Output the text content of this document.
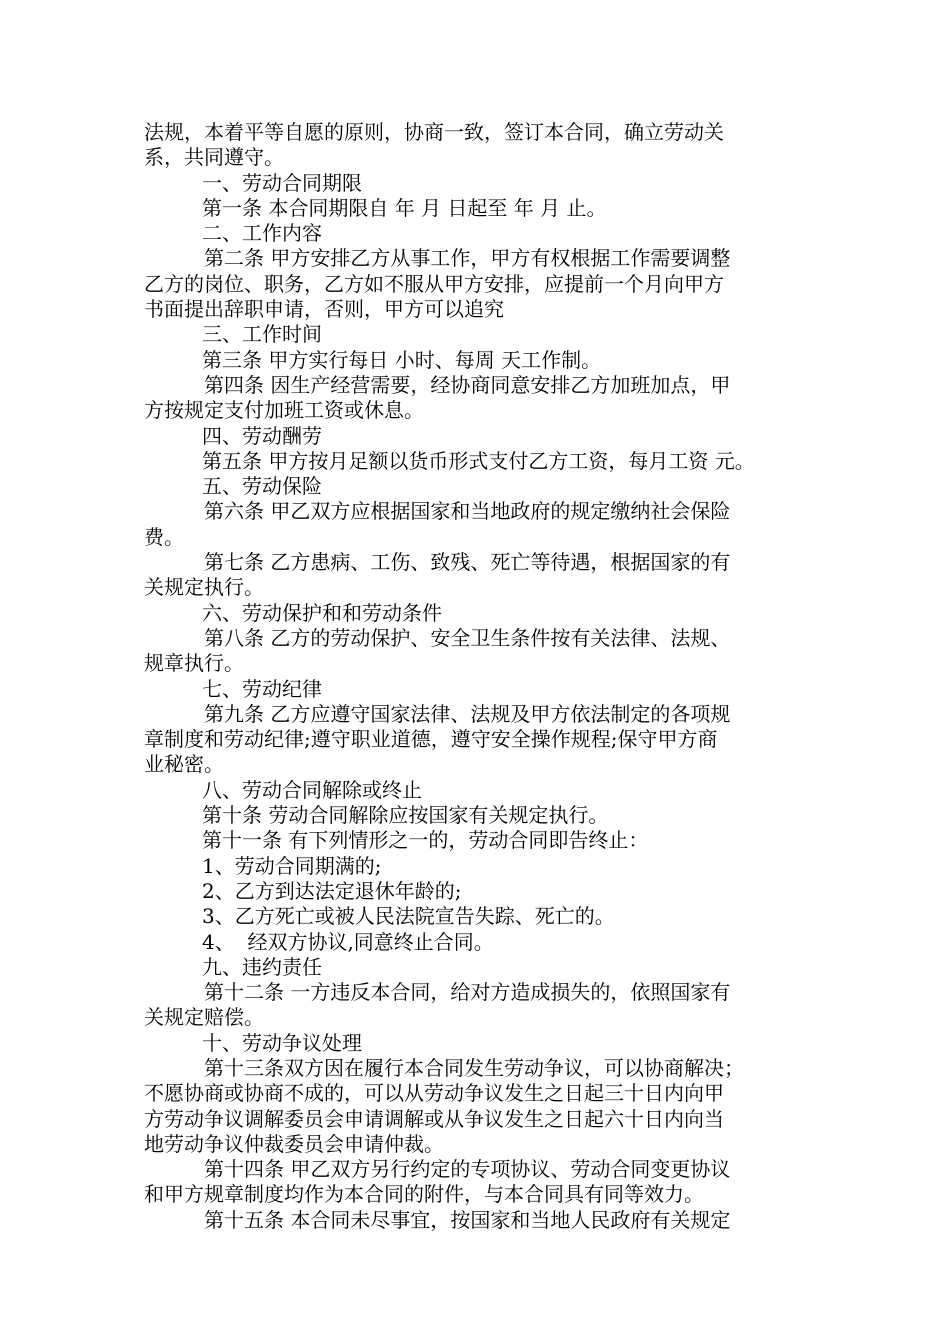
法规，本着平等自愿的原则，协商一致，签订本合同，确立劳动关
系，共同遵守。
一、劳动合同期限
第一条 本合同期限自 年 月 日起至 年 月 止。
二、工作内容
第二条 甲方安排乙方从事工作，甲方有权根据工作需要调整
乙方的岗位、职务，乙方如不服从甲方安排，应提前一个月向甲方
书面提出辞职申请，否则，甲方可以追究
三、工作时间
第三条 甲方实行每日 小时、每周 天工作制。
第四条 因生产经营需要，经协商同意安排乙方加班加点，甲
方按规定支付加班工资或休息。
四、劳动酬劳
第五条 甲方按月足额以货币形式支付乙方工资，每月工资 元。
五、劳动保险
第六条 甲乙双方应根据国家和当地政府的规定缴纳社会保险
费。
第七条 乙方患病、工伤、致残、死亡等待遇，根据国家的有
关规定执行。
六、劳动保护和和劳动条件
第八条 乙方的劳动保护、安全卫生条件按有关法律、法规、
规章执行。
七、劳动纪律
第九条 乙方应遵守国家法律、法规及甲方依法制定的各项规
章制度和劳动纪律;遵守职业道德，遵守安全操作规程;保守甲方商
业秘密。
八、劳动合同解除或终止
第十条 劳动合同解除应按国家有关规定执行。
第十一条 有下列情形之一的，劳动合同即告终止：
1、劳动合同期满的;
2、乙方到达法定退休年龄的;
3、乙方死亡或被人民法院宣告失踪、死亡的。
4、  经双方协议,同意终止合同。
九、违约责任
第十二条 一方违反本合同，给对方造成损失的，依照国家有
关规定赔偿。
十、劳动争议处理
第十三条双方因在履行本合同发生劳动争议，可以协商解决；
不愿协商或协商不成的，可以从劳动争议发生之日起三十日内向甲
方劳动争议调解委员会申请调解或从争议发生之日起六十日内向当
地劳动争议仲裁委员会申请仲裁。
第十四条 甲乙双方另行约定的专项协议、劳动合同变更协议
和甲方规章制度均作为本合同的附件，与本合同具有同等效力。
第十五条 本合同未尽事宜，按国家和当地人民政府有关规定
